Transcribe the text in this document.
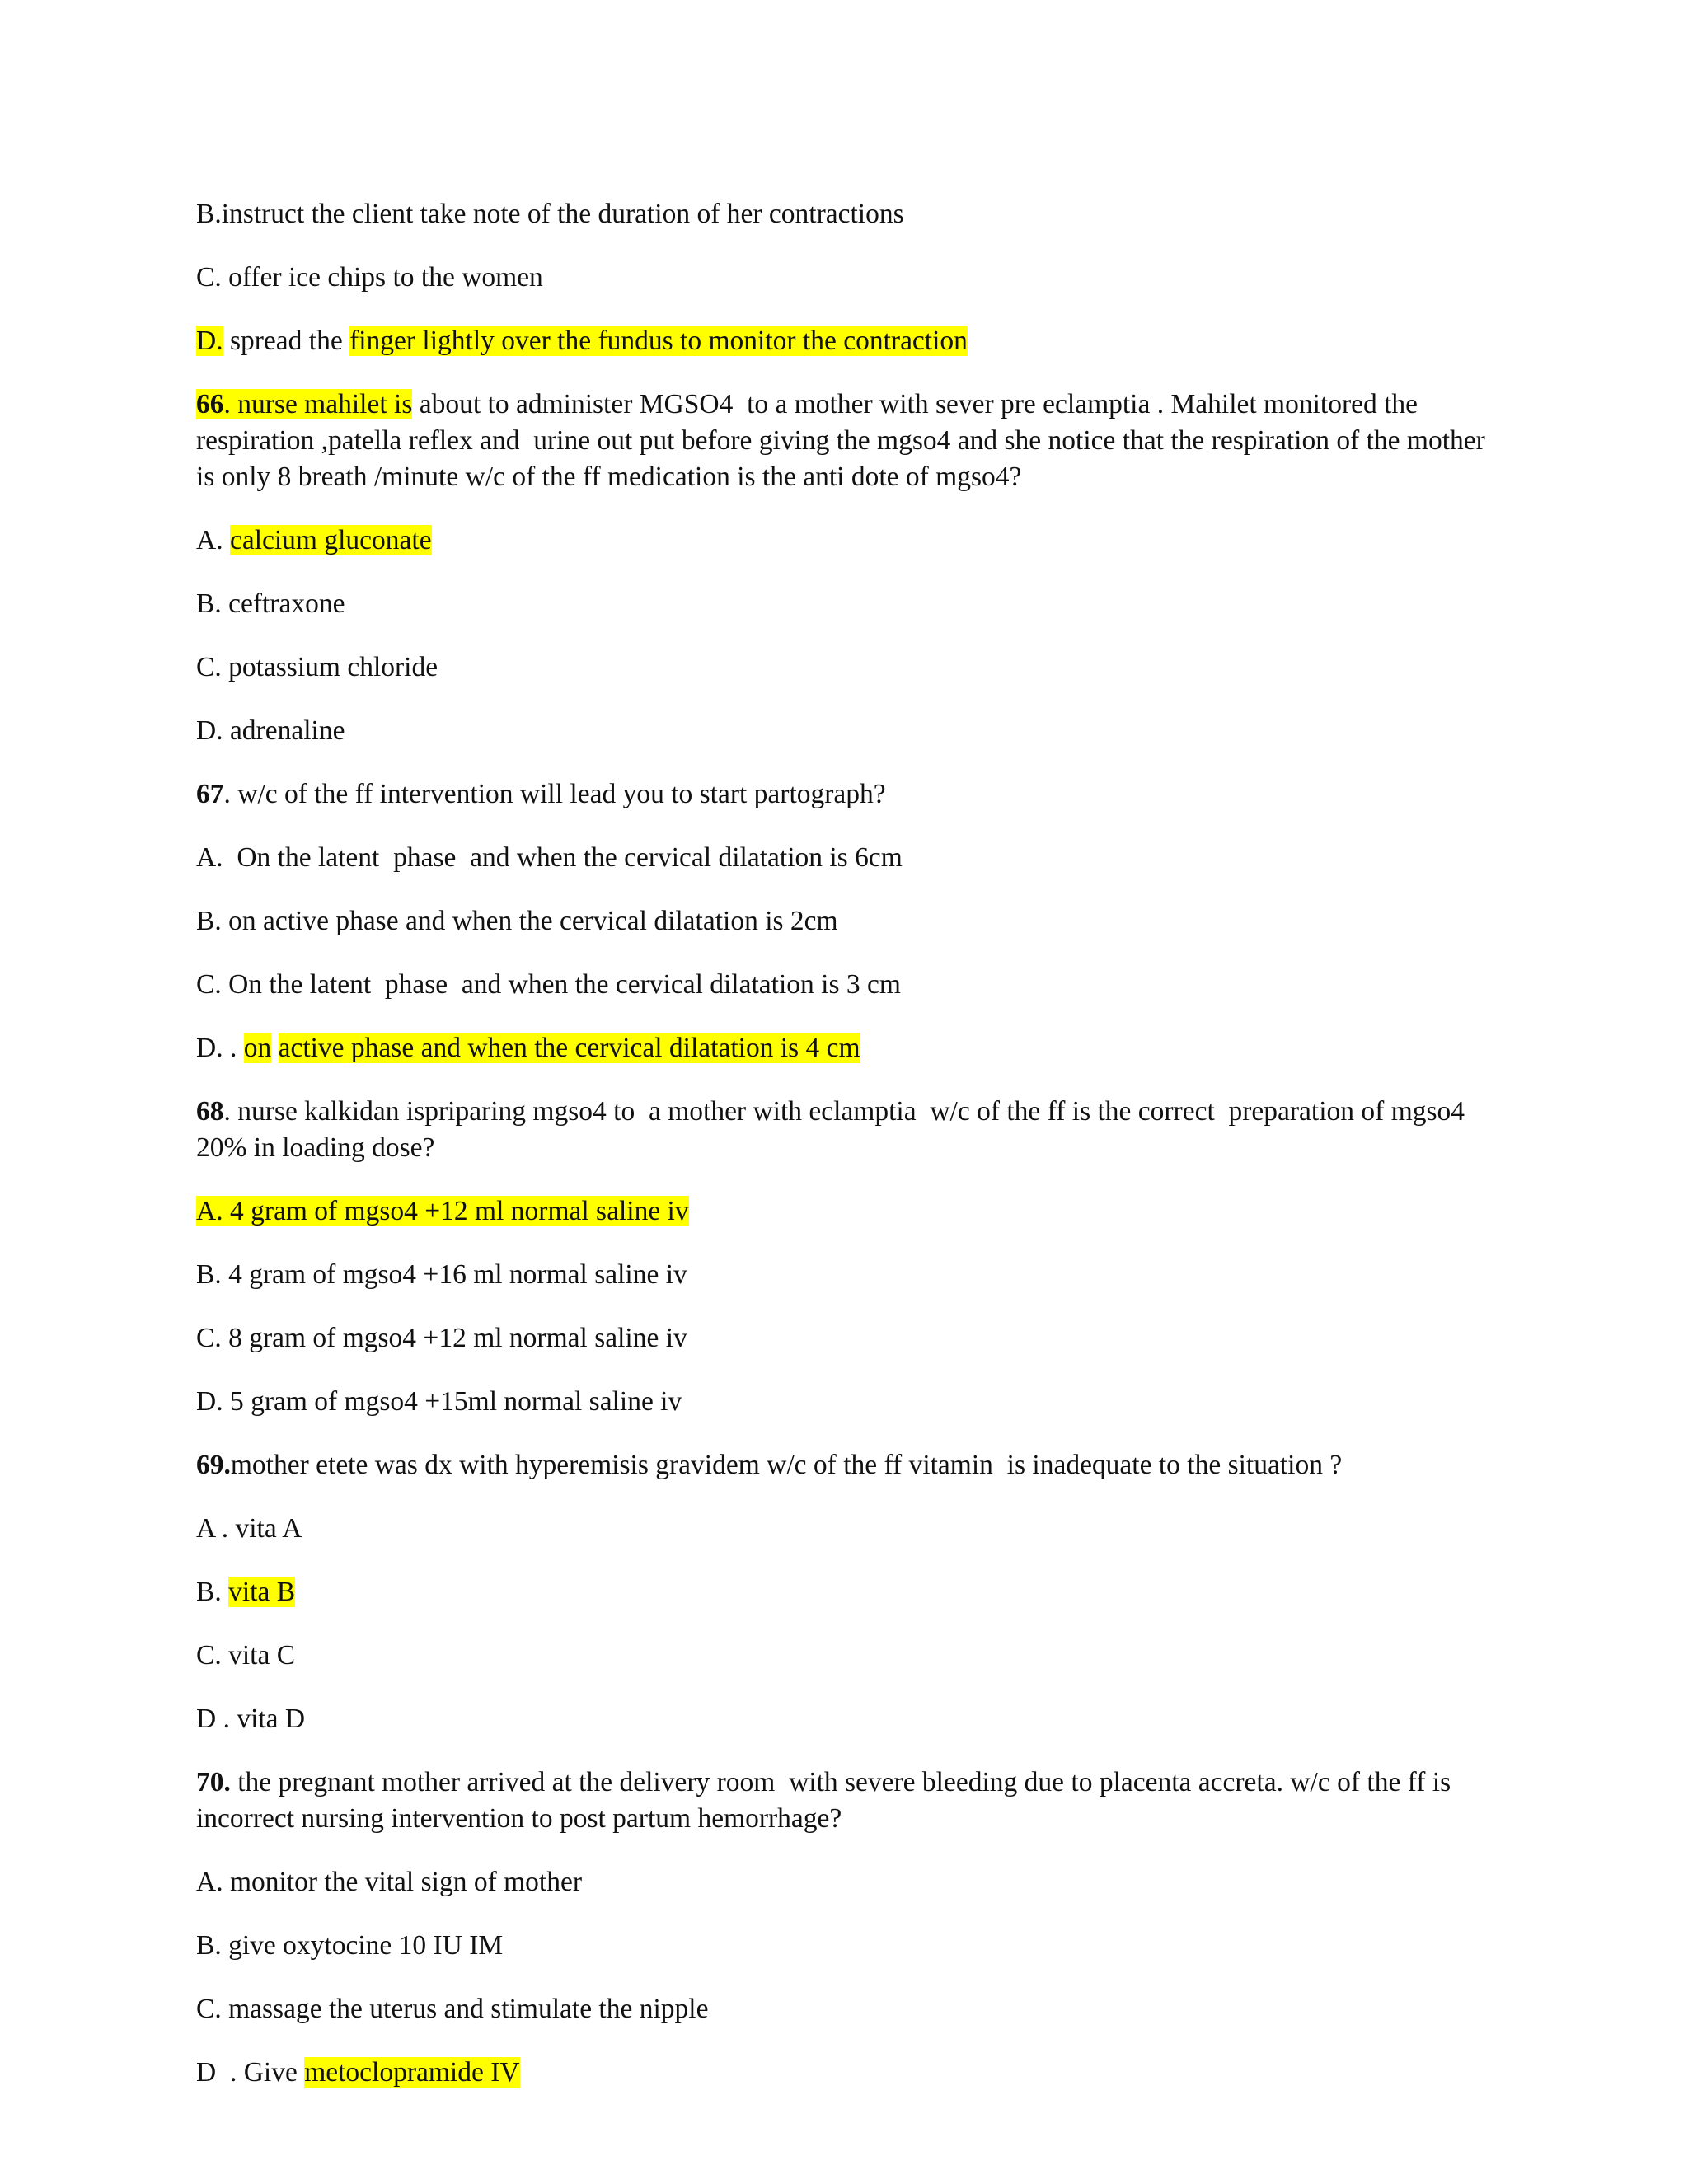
B.instruct the client take note of the duration of her contractions

C. offer ice chips to the women

D. spread the finger lightly over the fundus to monitor the contraction

66. nurse mahilet is about to administer MGSO4  to a mother with sever pre eclamptia . Mahilet monitored the respiration ,patella reflex and  urine out put before giving the mgso4 and she notice that the respiration of the mother is only 8 breath /minute w/c of the ff medication is the anti dote of mgso4?

A. calcium gluconate

B. ceftraxone

C. potassium chloride

D. adrenaline

67. w/c of the ff intervention will lead you to start partograph?

A.  On the latent  phase  and when the cervical dilatation is 6cm

B. on active phase and when the cervical dilatation is 2cm

C. On the latent  phase  and when the cervical dilatation is 3 cm

D. . on active phase and when the cervical dilatation is 4 cm

68. nurse kalkidan ispriparing mgso4 to  a mother with eclamptia  w/c of the ff is the correct  preparation of mgso4 20% in loading dose?

A. 4 gram of mgso4 +12 ml normal saline iv

B. 4 gram of mgso4 +16 ml normal saline iv

C. 8 gram of mgso4 +12 ml normal saline iv

D. 5 gram of mgso4 +15ml normal saline iv

69.mother etete was dx with hyperemisis gravidem w/c of the ff vitamin  is inadequate to the situation ?

A . vita A

B. vita B

C. vita C

D . vita D

70. the pregnant mother arrived at the delivery room  with severe bleeding due to placenta accreta. w/c of the ff is incorrect nursing intervention to post partum hemorrhage?

A. monitor the vital sign of mother

B. give oxytocine 10 IU IM

C. massage the uterus and stimulate the nipple

D  . Give metoclopramide IV
